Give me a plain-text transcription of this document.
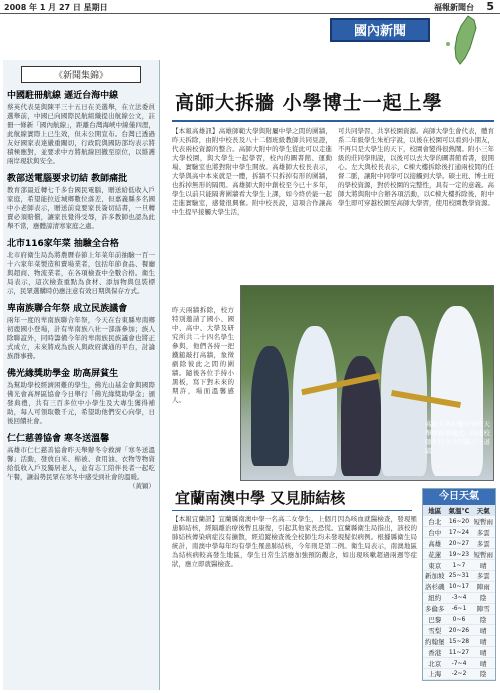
2008 年 1 月 27 日 星期日	福報新聞台 5
國內新聞
《新聞集錦》
中國駐冊航線 遜近台海中線

蔡英代表晃與陳平三十五日在美選舉，在立法委員選舉前，中國已向國際民航組織提出航線公文，註冊一條新「國內航線」，距離台灣海峽中線僅四浬，此航線實際上已生效，但未公開宣布。台灣已透過友好國家表達嚴重關切，行政院與國防部均表示將積極應對，並要求中方將航線回撤至原位，以維護兩岸現狀與安全。

教部送電腦要求切結 教師痛批

教育部最近轉七千多台國民電腦，贈送給低收入戶家庭，希望能拉近城鄉數位落差，但嘉義縣多名國中小老師表示，贈送前竟要家長簽切結書，一旦轉賣必須賠償，讓家長覺得受辱，許多教師也認為此舉不當，應體諒清寒家庭之處。

北市116家年菜 抽驗全合格

北市府衛生局為將農曆春節上年菜年前抽驗一百一十六家年菜製造和賣場業者，包括年節食品、餐廳與超商、物流業者，在各項檢查中全數合格。衛生局表示，這次檢查重點為食材、添加物與包裝標示，民眾選購時仍應注意有效日期與保存方式。

卑南族聯合年祭 成立民族議會

兩年一度的卑南族聯合年祭，今天在台東縣卑南鄉初鹿國小登場，計有卑南族八社一部落參加；族人除聯誼外，同時籌備今年的卑南族民族議會也將正式成立，未來將成為族人與政府溝通的平台，討論族群事務。

佛光緣獎助學金 助高屏貧生

為幫助學校經濟困難的學生，佛光山基金會與國際佛光會高屏區協會今日舉行「佛光緣獎助學金」頒發典禮，共有三百多位中小學生及大專生獲得補助，每人可領取數千元，希望助他們安心向學，日後回饋社會。

仁仁慈善協會 寒冬送溫馨

高雄市仁仁慈善協會昨天舉辦冬令救濟「寒冬送溫馨」活動，發放白米、棉被、食用油、衣物等物資給低收入戶及獨居老人，並有志工陪伴長者一起吃午餐，讓弱勢民眾在寒冬中感受到社會的溫暖。

（黃穎）

高師大拆牆 小學博士一起上學
【本報高雄訊】高雄師範大學與附屬中學之間的圍牆，昨天拆除，由附中校長及八十二個班級教師共同見證，代表兩校資源的整合。高師大附中的學生從此可以走進大學校園，與大學生一起學習，校內的圖書館、運動場、實驗室也將對附中學生開放。高雄師大校長表示，大學與高中本來就是一體，拆牆不只拆掉有形的圍牆，也拆掉無形的隔閡。高雄師大附中創校至今已十多年，學生以前只能隔著圍牆看大學生上課，如今終於能一起走進實驗室，感覺很興奮。附中校長說，這項合作讓高中生提早接觸大學生活，
可共同學習、共享校園資源。高師大學生會代表，體育系二年級學生朱柏宇說，以後在校園可以看到小朋友，不再只是大學生的天下，校園會變得很熱鬧。附小三年級的莊同學則說，以後可以去大學的圖書館看書，很開心。左大與校長表示，C棟大樓拆除後打通兩校間的任督二脈，讓附中同學可以接觸到大學。碩士班、博士班的學校資源，對於校園的完整性，具有一定的意義。高師大將與附中合辦各項活動，以C棟大樓拆除後，附中學生即可穿越校園至高師大學習，使用校園教學資源。
昨天兩牆拆除，校方特別邀請了國小、國中、高中、大學及研究所共二十四名學生參與，他們各持一把鐵鎚敲打高牆，象徵剷除彼此之間的圍牆。隨後各位手持小黑板，寫下對未來的期許，場面溫馨感人。
高師大與附屬中學昨天舉辦拆牆儀式，由兩校師生代表共同敲下一道牆。
宜蘭南澳中學 又見肺結核
【本報宜蘭訊】宜蘭縣南澳中學一名高二女學生，上個月因為咳血就醫檢查，發現罹患肺結核，經隔離治療後暫且康復，引起其他家長恐慌。宜蘭縣衛生局指出，該校的肺結核傳染病症沒有擴散，經追蹤檢查後全校師生均未發現疑似病例。根據縣衛生局統計，南澳中學每年均有學生罹患肺結核，今年則是第二例。衛生局表示，南澳地區為結核病較高發生地區，學生日常生活應加強預防觀念，如出現咳嗽超過兩週等症狀，應立即就醫檢查。
今日天氣
地區	氣溫℃	天氣
台北	16~20	短暫雨
台中	17~24	多雲
高雄	20~27	多雲
花蓮	19~23	短暫雨
東京	1~7	晴
新加坡	25~31	多雲
洛杉磯	10~17	陣雨
紐約	-3~4	陰
多倫多	-6~1	陣雪
巴黎	0~6	陰
雪梨	20~26	晴
約翰堡	15~28	晴
香港	11~27	晴
北京	-7~4	晴
上海	-2~2	陰
